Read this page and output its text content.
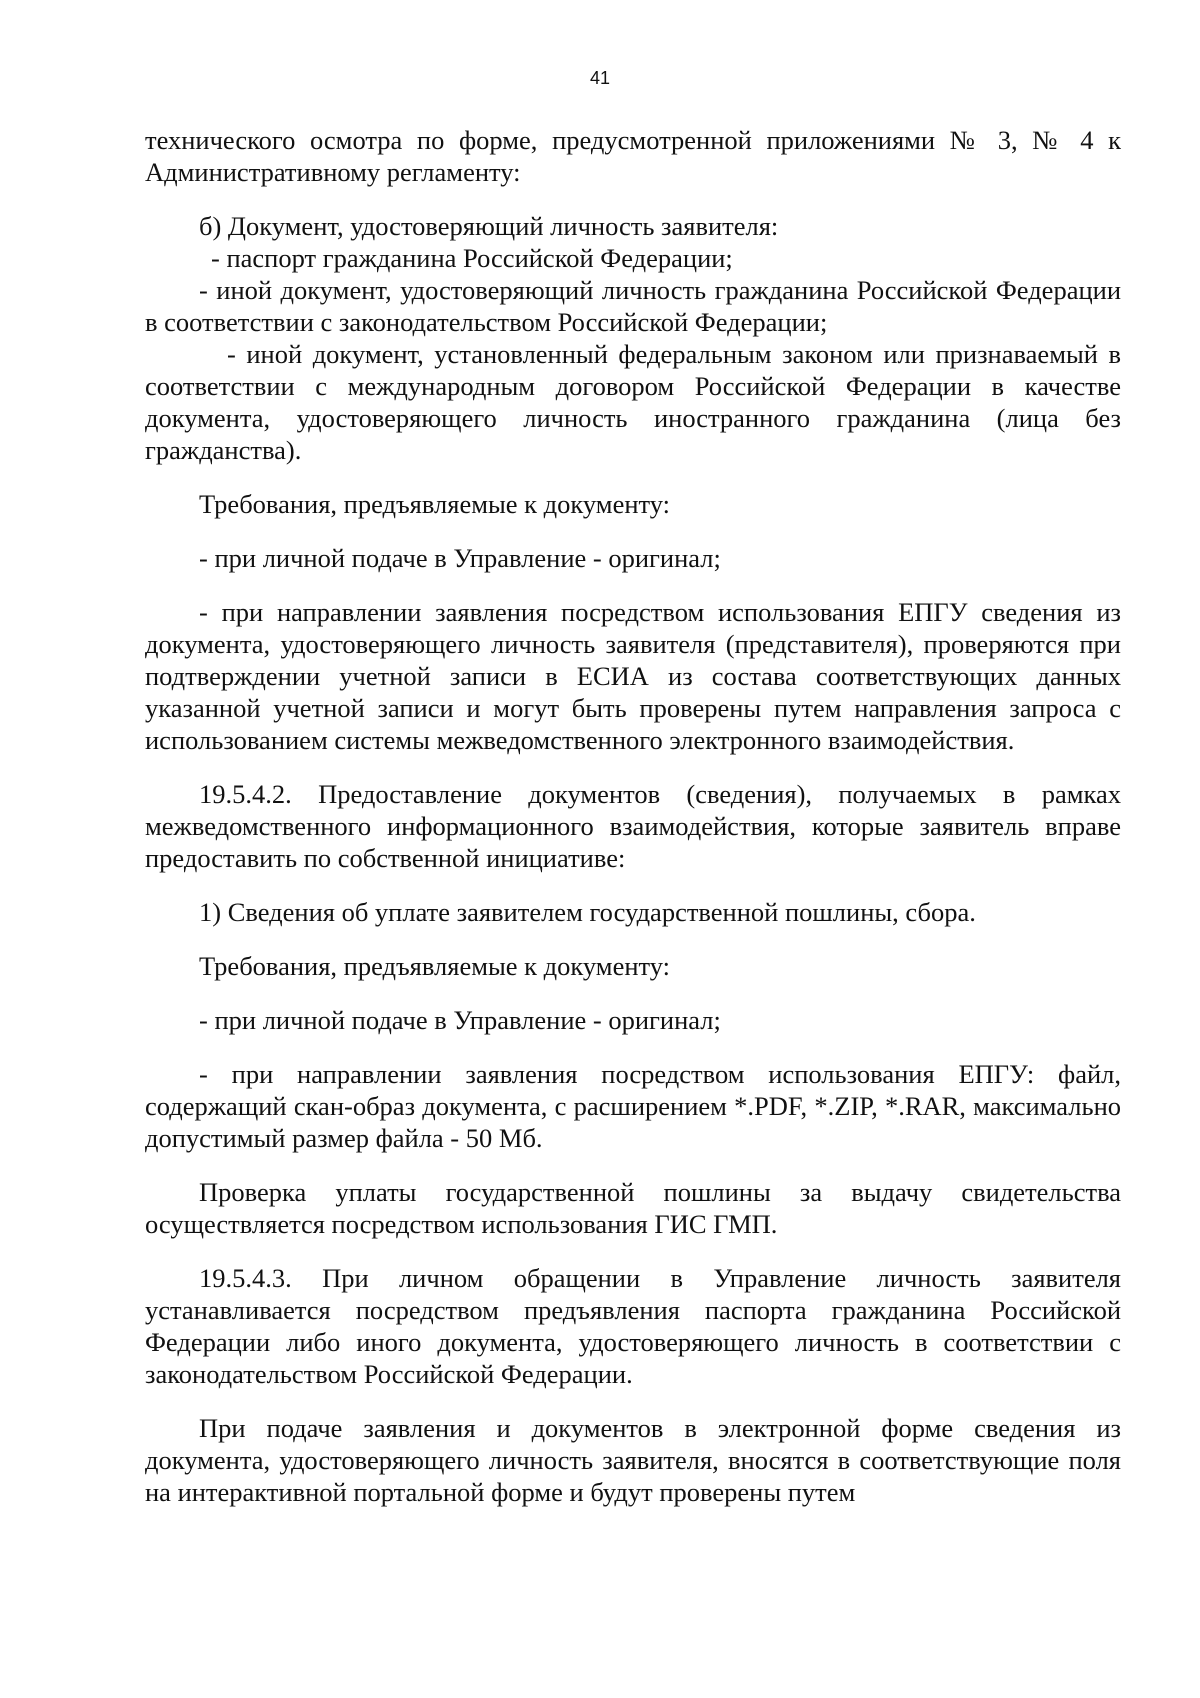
41

технического осмотра по форме, предусмотренной приложениями № 3, № 4 к Административному регламенту:

б) Документ, удостоверяющий личность заявителя:

- паспорт гражданина Российской Федерации;

- иной документ, удостоверяющий личность гражданина Российской Федерации в соответствии с законодательством Российской Федерации;

- иной документ, установленный федеральным законом или признаваемый в соответствии с международным договором Российской Федерации в качестве документа, удостоверяющего личность иностранного гражданина (лица без гражданства).

Требования, предъявляемые к документу:

- при личной подаче в Управление - оригинал;

- при направлении заявления посредством использования ЕПГУ сведения из документа, удостоверяющего личность заявителя (представителя), проверяются при подтверждении учетной записи в ЕСИА из состава соответствующих данных указанной учетной записи и могут быть проверены путем направления запроса с использованием системы межведомственного электронного взаимодействия.

19.5.4.2. Предоставление документов (сведения), получаемых в рамках межведомственного информационного взаимодействия, которые заявитель вправе предоставить по собственной инициативе:

1) Сведения об уплате заявителем государственной пошлины, сбора.

Требования, предъявляемые к документу:

- при личной подаче в Управление - оригинал;

- при направлении заявления посредством использования ЕПГУ: файл, содержащий скан-образ документа, с расширением *.PDF, *.ZIP, *.RAR, максимально допустимый размер файла - 50 Мб.

Проверка уплаты государственной пошлины за выдачу свидетельства осуществляется посредством использования ГИС ГМП.

19.5.4.3. При личном обращении в Управление личность заявителя устанавливается посредством предъявления паспорта гражданина Российской Федерации либо иного документа, удостоверяющего личность в соответствии с законодательством Российской Федерации.

При подаче заявления и документов в электронной форме сведения из документа, удостоверяющего личность заявителя, вносятся в соответствующие поля на интерактивной портальной форме и будут проверены путем
